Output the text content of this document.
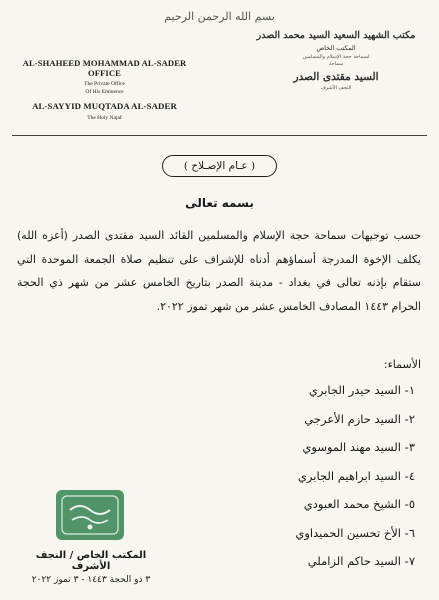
بسم الله الرحمن الرحيم
AL-SHAHEED MOHAMMAD AL-SADER OFFICE
The Private Office
Of His Eminence
AL-SAYYID MUQTADA AL-SADER
The Holy Najaf
مكتب الشهيد السعيد السيد محمد الصدر
المكتب الخاص
لسماحة حجة الإسلام والمسلمين
سماحة
السيد مقتدى الصدر
النجف الأشرف
( عـام الإصـلاح )
بسمه تعالى
حسب توجيهات سماحة حجة الإسلام والمسلمين القائد السيد مقتدى الصدر (أعزه الله) يكلف الإخوة المدرجة أسماؤهم أدناه للإشراف على تنظيم صلاة الجمعة الموحدة التي ستقام بإذنه تعالى في بغداد - مدينة الصدر بتاريخ الخامس عشر من شهر ذي الحجة الحرام ١٤٤٣ المصادف الخامس عشر من شهر تموز ٢٠٢٢.
الأسماء:
١- السيد حيدر الجابري
٢- السيد حازم الأعرجي
٣- السيد مهند الموسوي
٤- السيد ابراهيم الجابري
٥- الشيخ محمد العبودي
٦- الأخ تحسين الحميداوي
٧- السيد حاكم الزاملي
المكتب الخاص / النجف الأشرف
٣ ذو الحجة ١٤٤٣ - ٣ تموز ٢٠٢٢
